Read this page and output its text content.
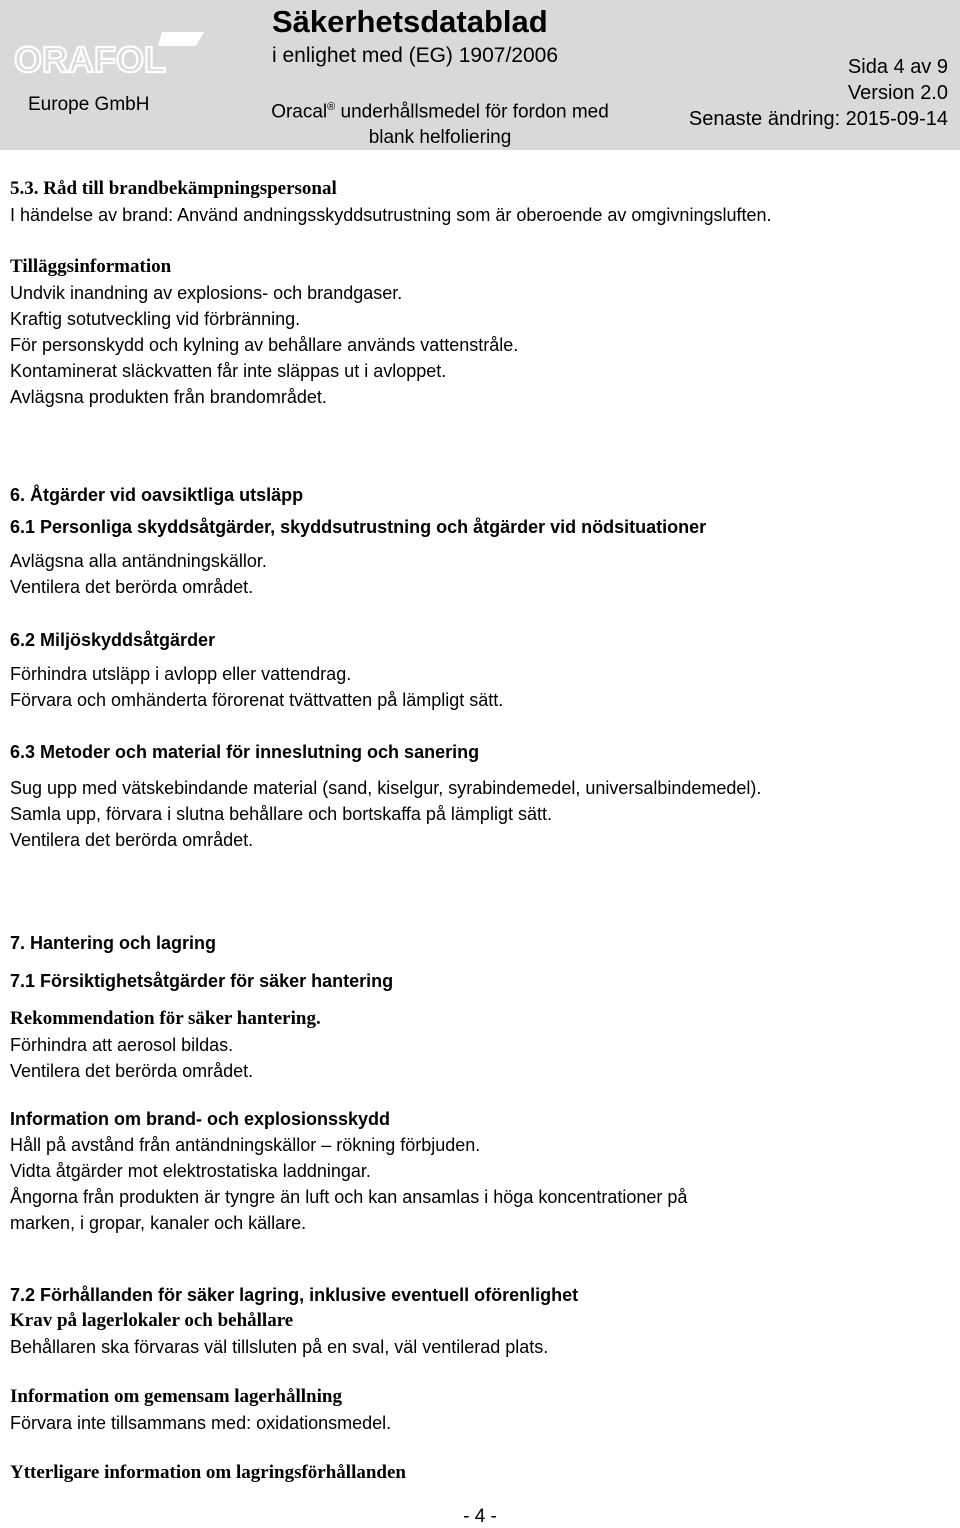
ORAFOL
Europe GmbH
Säkerhetsdatablad
i enlighet med (EG) 1907/2006
Oracal® underhållsmedel för fordon med
blank helfoliering
Sida 4 av 9
Version 2.0
Senaste ändring: 2015-09-14
5.3. Råd till brandbekämpningspersonal
I händelse av brand: Använd andningsskyddsutrustning som är oberoende av omgivningsluften.
Tilläggsinformation
Undvik inandning av explosions- och brandgaser.
Kraftig sotutveckling vid förbränning.
För personskydd och kylning av behållare används vattenstråle.
Kontaminerat släckvatten får inte släppas ut i avloppet.
Avlägsna produkten från brandområdet.
6. Åtgärder vid oavsiktliga utsläpp
6.1 Personliga skyddsåtgärder, skyddsutrustning och åtgärder vid nödsituationer
Avlägsna alla antändningskällor.
Ventilera det berörda området.
6.2 Miljöskyddsåtgärder
Förhindra utsläpp i avlopp eller vattendrag.
Förvara och omhänderta förorenat tvättvatten på lämpligt sätt.
6.3 Metoder och material för inneslutning och sanering
Sug upp med vätskebindande material (sand, kiselgur, syrabindemedel, universalbindemedel).
Samla upp, förvara i slutna behållare och bortskaffa på lämpligt sätt.
Ventilera det berörda området.
7. Hantering och lagring
7.1 Försiktighetsåtgärder för säker hantering
Rekommendation för säker hantering.
Förhindra att aerosol bildas.
Ventilera det berörda området.
Information om brand- och explosionsskydd
Håll på avstånd från antändningskällor – rökning förbjuden.
Vidta åtgärder mot elektrostatiska laddningar.
Ångorna från produkten är tyngre än luft och kan ansamlas i höga koncentrationer på
marken, i gropar, kanaler och källare.
7.2 Förhållanden för säker lagring, inklusive eventuell oförenlighet
Krav på lagerlokaler och behållare
Behållaren ska förvaras väl tillsluten på en sval, väl ventilerad plats.
Information om gemensam lagerhållning
Förvara inte tillsammans med: oxidationsmedel.
Ytterligare information om lagringsförhållanden
- 4 -
